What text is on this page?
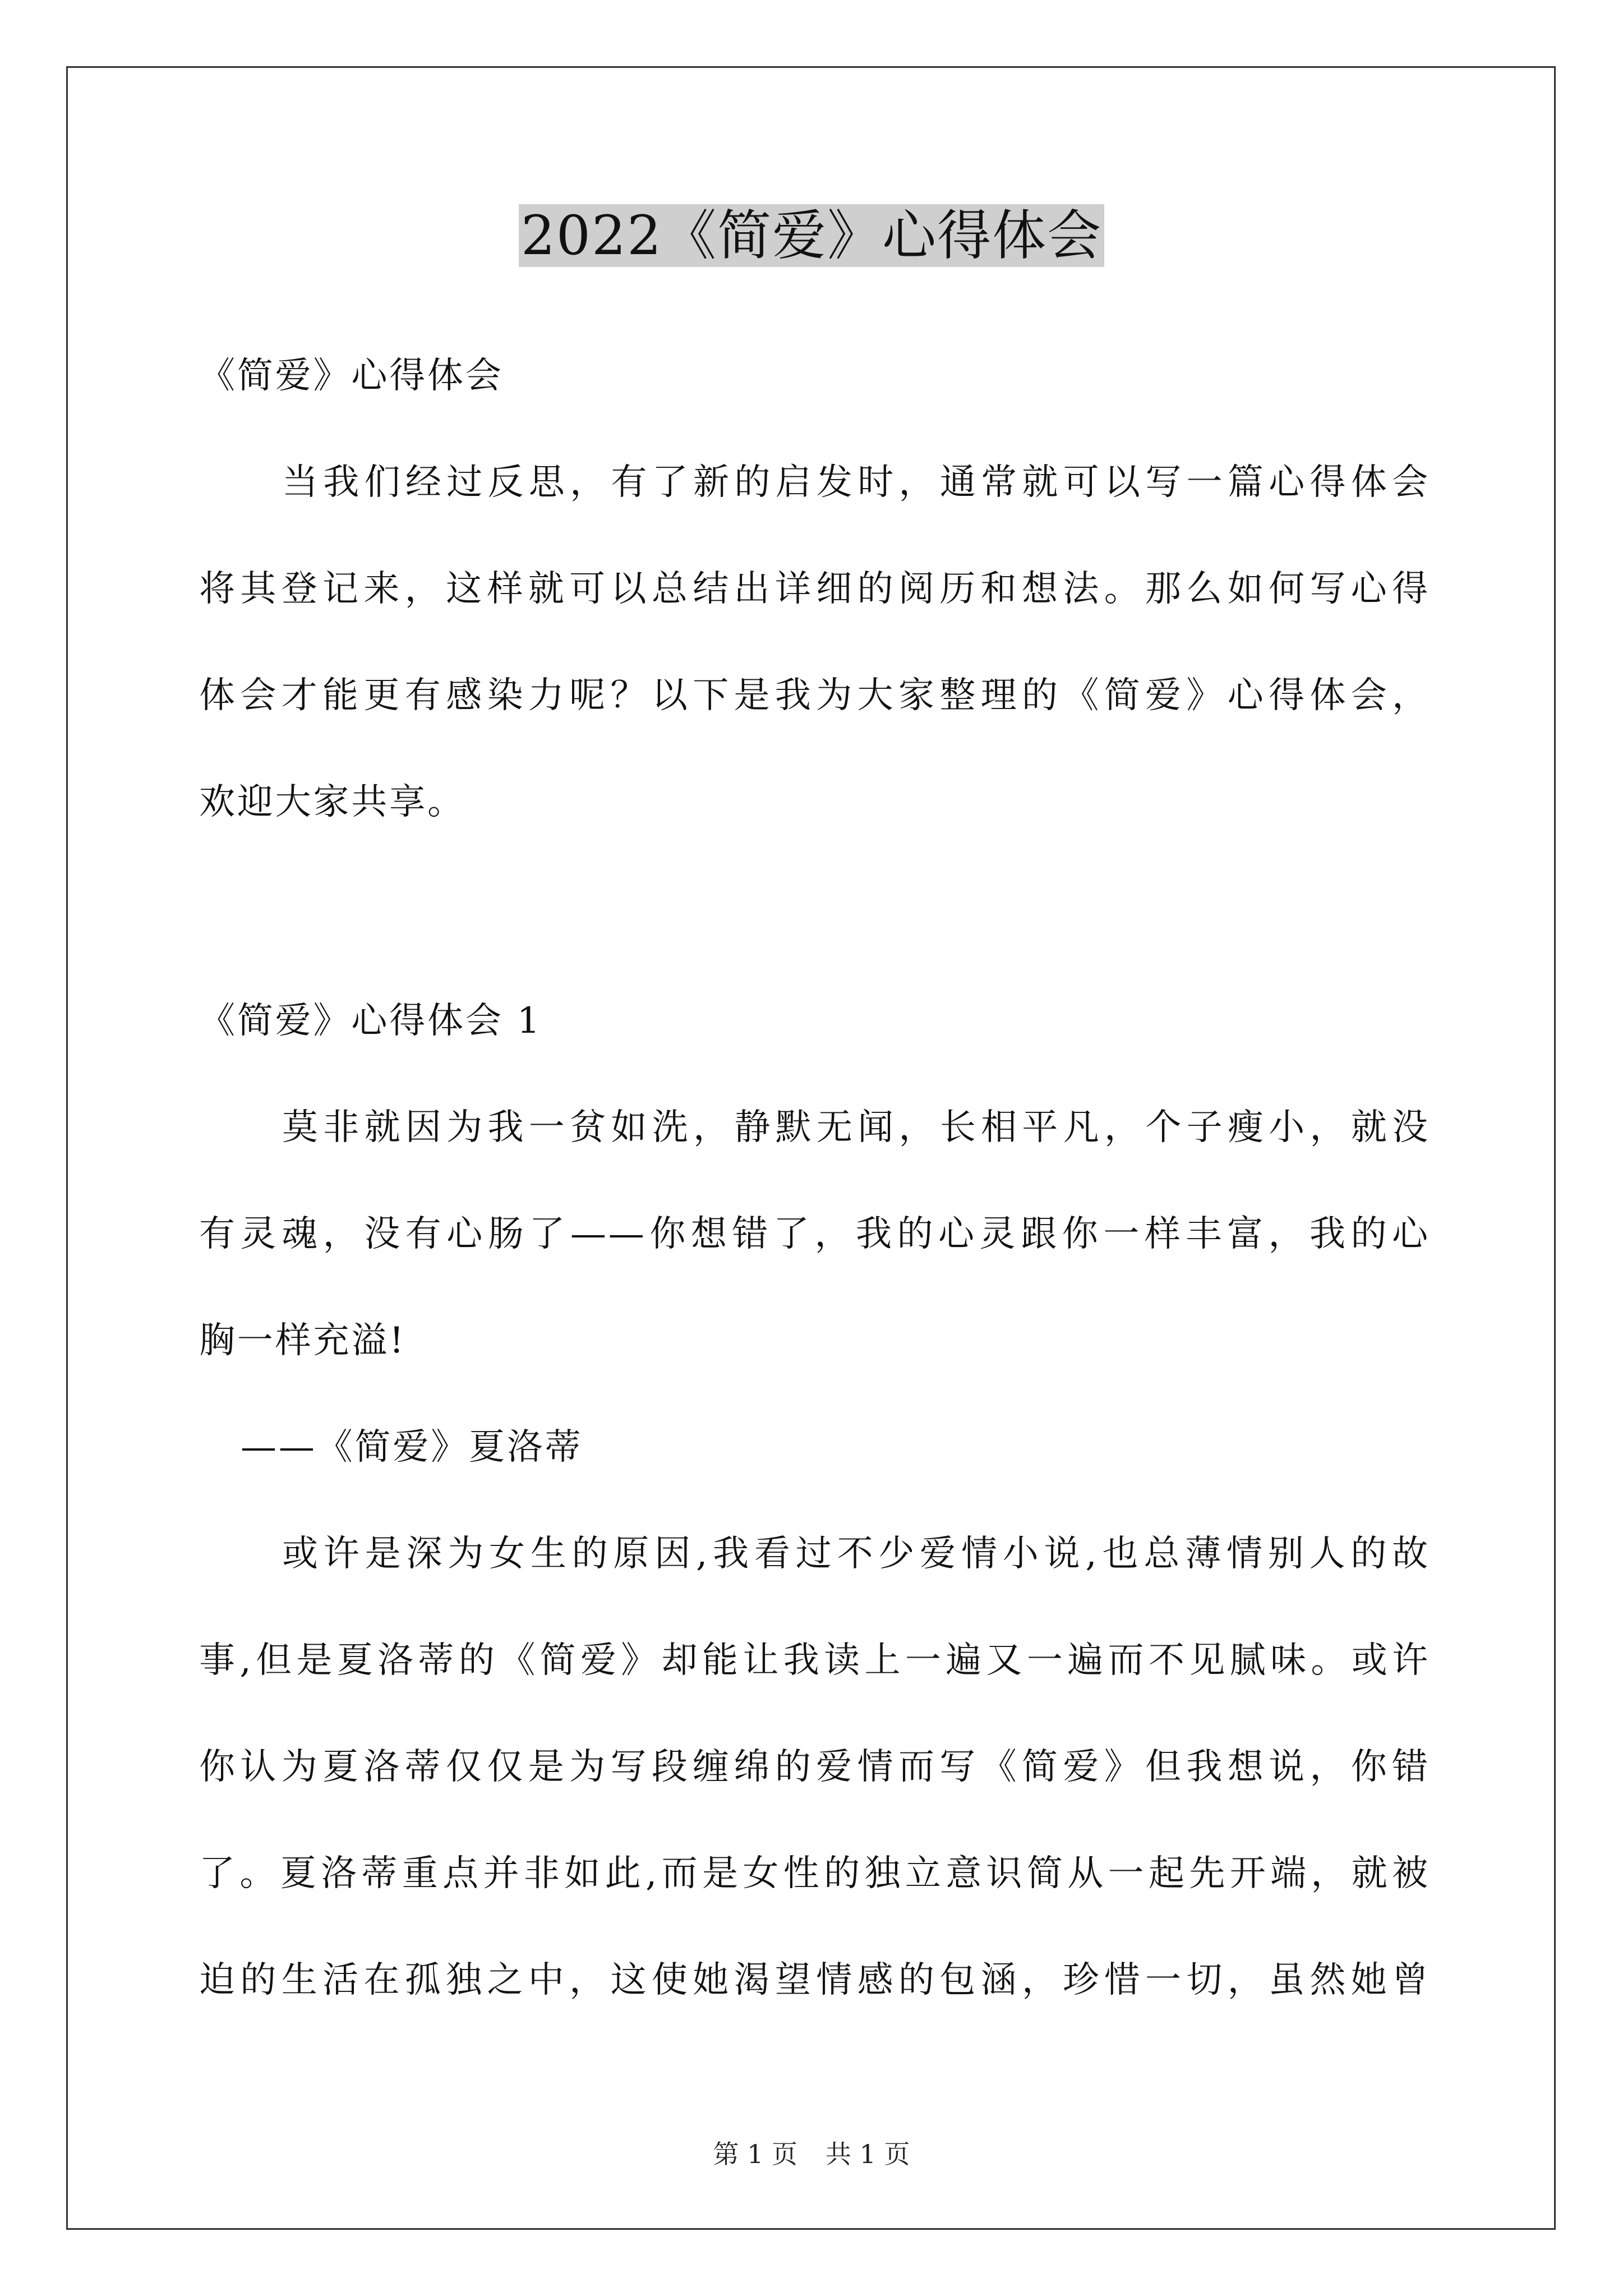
2022《简爱》心得体会
《简爱》心得体会
当我们经过反思，有了新的启发时，通常就可以写一篇心得体会
将其登记来，这样就可以总结出详细的阅历和想法。那么如何写心得
体会才能更有感染力呢？以下是我为大家整理的《简爱》心得体会，
欢迎大家共享。
《简爱》心得体会 1
莫非就因为我一贫如洗，静默无闻，长相平凡，个子瘦小，就没
有灵魂，没有心肠了——你想错了，我的心灵跟你一样丰富，我的心
胸一样充溢!
——《简爱》夏洛蒂
或许是深为女生的原因,我看过不少爱情小说,也总薄情别人的故
事,但是夏洛蒂的《简爱》却能让我读上一遍又一遍而不见腻味。或许
你认为夏洛蒂仅仅是为写段缠绵的爱情而写《简爱》但我想说，你错
了。夏洛蒂重点并非如此,而是女性的独立意识简从一起先开端，就被
迫的生活在孤独之中，这使她渴望情感的包涵，珍惜一切，虽然她曾
第 1 页 共 1 页
